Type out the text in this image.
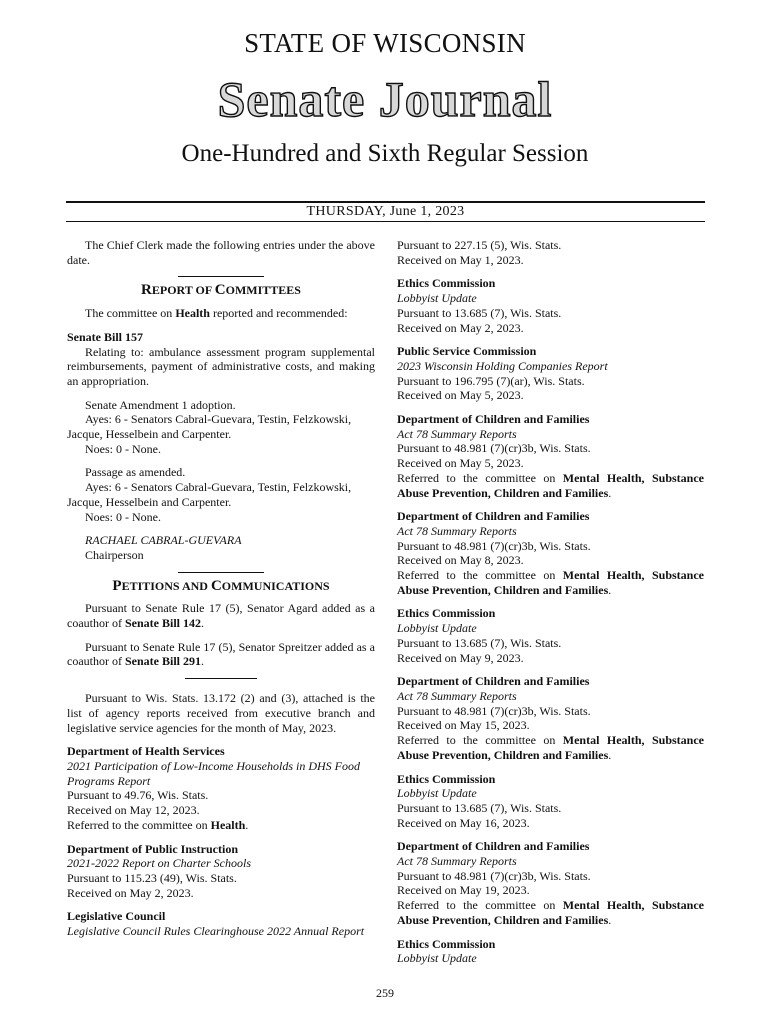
STATE OF WISCONSIN
Senate Journal
One-Hundred and Sixth Regular Session
THURSDAY, June 1, 2023

The Chief Clerk made the following entries under the above date.

REPORT OF COMMITTEES

The committee on Health reported and recommended:

Senate Bill 157

Relating to: ambulance assessment program supplemental reimbursements, payment of administrative costs, and making an appropriation.

Senate Amendment 1 adoption.

Ayes: 6 - Senators Cabral-Guevara, Testin, Felzkowski, Jacque, Hesselbein and Carpenter.

Noes: 0 - None.

Passage as amended.

Ayes: 6 - Senators Cabral-Guevara, Testin, Felzkowski, Jacque, Hesselbein and Carpenter.

Noes: 0 - None.

RACHAEL CABRAL-GUEVARA

Chairperson

PETITIONS AND COMMUNICATIONS

Pursuant to Senate Rule 17 (5), Senator Agard added as a coauthor of Senate Bill 142.

Pursuant to Senate Rule 17 (5), Senator Spreitzer added as a coauthor of Senate Bill 291.

Pursuant to Wis. Stats. 13.172 (2) and (3), attached is the list of agency reports received from executive branch and legislative service agencies for the month of May, 2023.

Department of Health Services

2021 Participation of Low-Income Households in DHS Food Programs Report

Pursuant to 49.76, Wis. Stats.

Received on May 12, 2023.

Referred to the committee on Health.

Department of Public Instruction

2021-2022 Report on Charter Schools

Pursuant to 115.23 (49), Wis. Stats.

Received on May 2, 2023.

Legislative Council

Legislative Council Rules Clearinghouse 2022 Annual Report

Pursuant to 227.15 (5), Wis. Stats.

Received on May 1, 2023.

Ethics Commission

Lobbyist Update

Pursuant to 13.685 (7), Wis. Stats.

Received on May 2, 2023.

Public Service Commission

2023 Wisconsin Holding Companies Report

Pursuant to 196.795 (7)(ar), Wis. Stats.

Received on May 5, 2023.

Department of Children and Families

Act 78 Summary Reports

Pursuant to 48.981 (7)(cr)3b, Wis. Stats.

Received on May 5, 2023.

Referred to the committee on Mental Health, Substance Abuse Prevention, Children and Families.

Department of Children and Families

Act 78 Summary Reports

Pursuant to 48.981 (7)(cr)3b, Wis. Stats.

Received on May 8, 2023.

Referred to the committee on Mental Health, Substance Abuse Prevention, Children and Families.

Ethics Commission

Lobbyist Update

Pursuant to 13.685 (7), Wis. Stats.

Received on May 9, 2023.

Department of Children and Families

Act 78 Summary Reports

Pursuant to 48.981 (7)(cr)3b, Wis. Stats.

Received on May 15, 2023.

Referred to the committee on Mental Health, Substance Abuse Prevention, Children and Families.

Ethics Commission

Lobbyist Update

Pursuant to 13.685 (7), Wis. Stats.

Received on May 16, 2023.

Department of Children and Families

Act 78 Summary Reports

Pursuant to 48.981 (7)(cr)3b, Wis. Stats.

Received on May 19, 2023.

Referred to the committee on Mental Health, Substance Abuse Prevention, Children and Families.

Ethics Commission

Lobbyist Update

259
